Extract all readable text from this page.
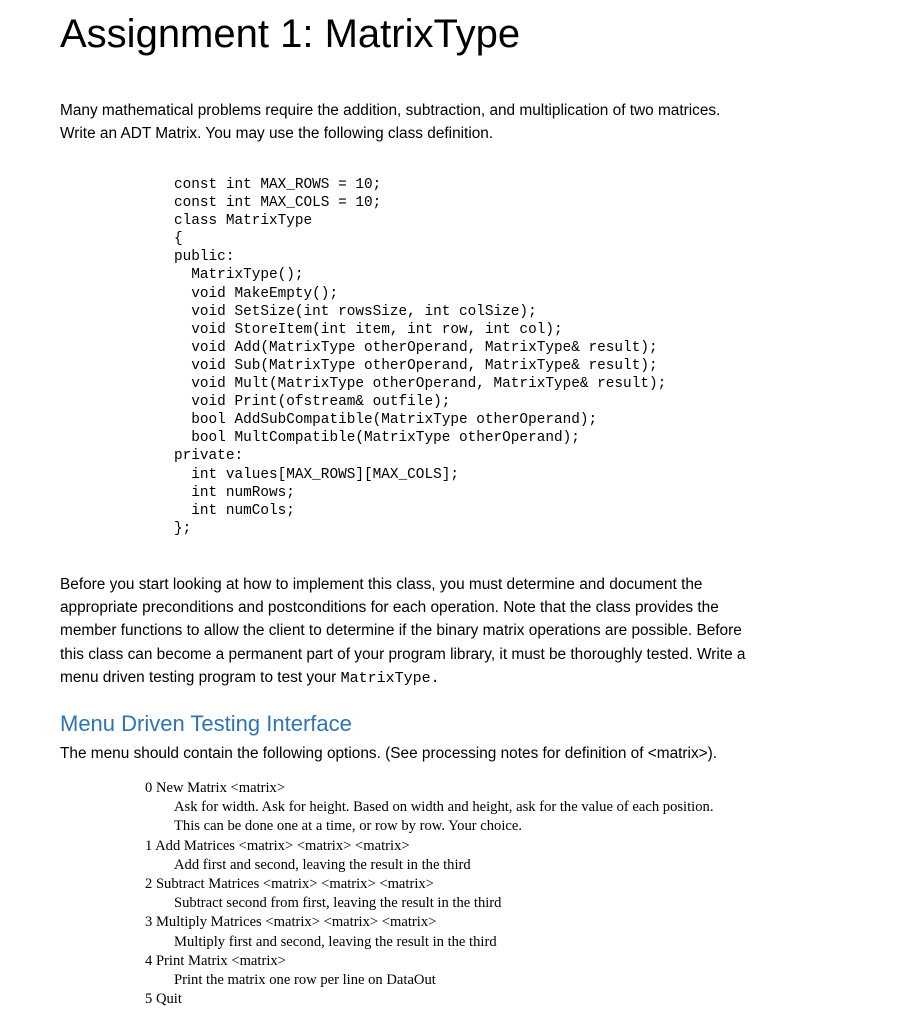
Assignment 1: MatrixType

Many mathematical problems require the addition, subtraction, and multiplication of two matrices.
Write an ADT Matrix. You may use the following class definition.

const int MAX_ROWS = 10;
const int MAX_COLS = 10;
class MatrixType
{
public:
MatrixType();
void MakeEmpty();
void SetSize(int rowsSize, int colSize);
void StoreItem(int item, int row, int col);
void Add(MatrixType otherOperand, MatrixType& result);
void Sub(MatrixType otherOperand, MatrixType& result);
void Mult(MatrixType otherOperand, MatrixType& result);
void Print(ofstream& outfile);
bool AddSubCompatible(MatrixType otherOperand);
bool MultCompatible(MatrixType otherOperand);
private:
int values[MAX_ROWS][MAX_COLS];
int numRows;
int numCols;
};

Before you start looking at how to implement this class, you must determine and document the
appropriate preconditions and postconditions for each operation. Note that the class provides the
member functions to allow the client to determine if the binary matrix operations are possible. Before
this class can become a permanent part of your program library, it must be thoroughly tested. Write a
menu driven testing program to test your MatrixType.

Menu Driven Testing Interface

The menu should contain the following options. (See processing notes for definition of <matrix>).

0 New Matrix <matrix>
Ask for width. Ask for height. Based on width and height, ask for the value of each position.
This can be done one at a time, or row by row. Your choice.
1 Add Matrices <matrix> <matrix> <matrix>
Add first and second, leaving the result in the third
2 Subtract Matrices <matrix> <matrix> <matrix>
Subtract second from first, leaving the result in the third
3 Multiply Matrices <matrix> <matrix> <matrix>
Multiply first and second, leaving the result in the third
4 Print Matrix <matrix>
Print the matrix one row per line on DataOut
5 Quit
